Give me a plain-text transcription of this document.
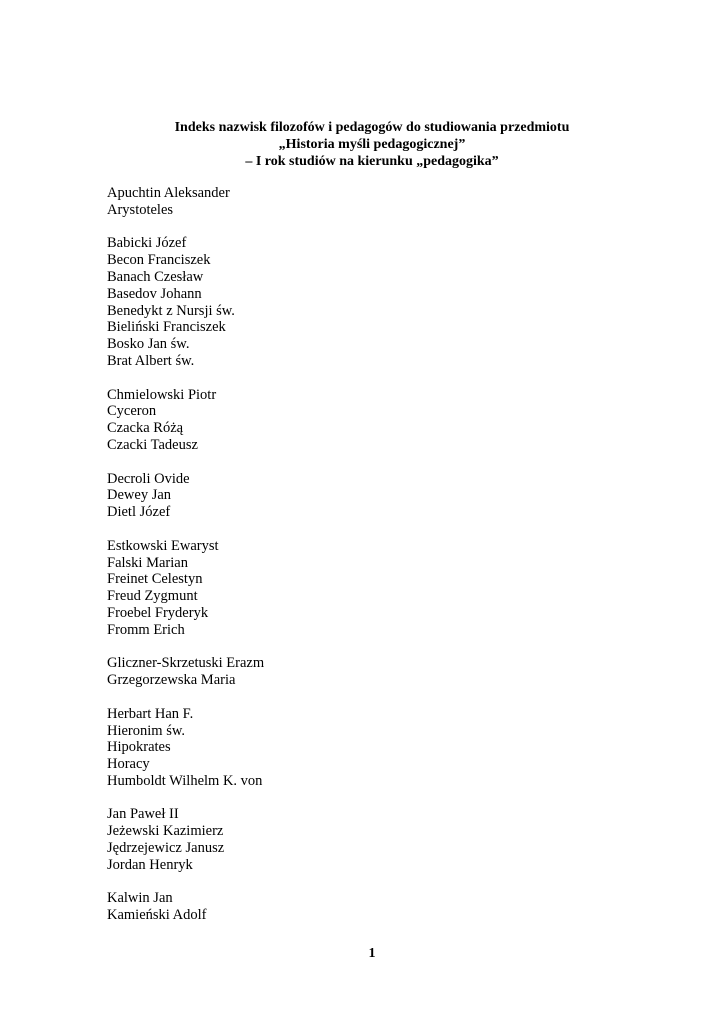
Indeks nazwisk filozofów i pedagogów do studiowania przedmiotu
„Historia myśli pedagogicznej”
– I rok studiów na kierunku „pedagogika”
Apuchtin Aleksander
Arystoteles
Babicki Józef
Becon Franciszek
Banach Czesław
Basedov Johann
Benedykt z Nursji św.
Bieliński Franciszek
Bosko Jan św.
Brat Albert św.
Chmielowski Piotr
Cyceron
Czacka Różą
Czacki Tadeusz
Decroli Ovide
Dewey Jan
Dietl Józef
Estkowski Ewaryst
Falski Marian
Freinet Celestyn
Freud Zygmunt
Froebel Fryderyk
Fromm Erich
Gliczner-Skrzetuski Erazm
Grzegorzewska Maria
Herbart Han F.
Hieronim św.
Hipokrates
Horacy
Humboldt Wilhelm K. von
Jan Paweł II
Jeżewski Kazimierz
Jędrzejewicz Janusz
Jordan Henryk
Kalwin Jan
Kamieński Adolf
1
